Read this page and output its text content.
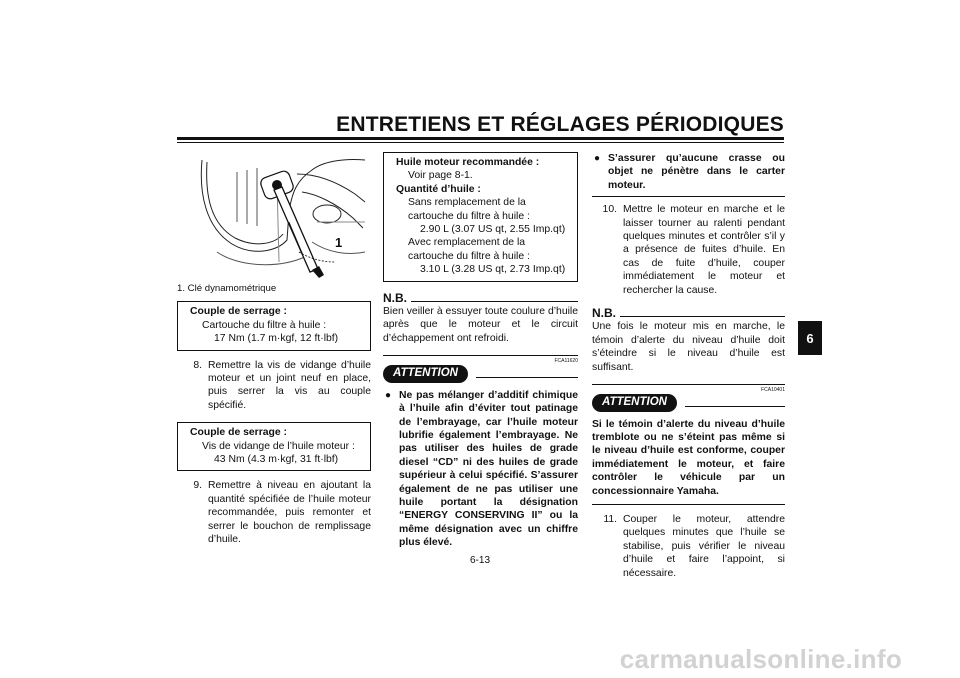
ENTRETIENS ET RÉGLAGES PÉRIODIQUES
6
1
1. Clé dynamométrique
Couple de serrage :
Cartouche du filtre à huile :
17 Nm (1.7 m·kgf, 12 ft·lbf)
8. Remettre la vis de vidange d’huile moteur et un joint neuf en place, puis serrer la vis au couple spécifié.
Couple de serrage :
Vis de vidange de l’huile moteur :
43 Nm (4.3 m·kgf, 31 ft·lbf)
9. Remettre à niveau en ajoutant la quantité spécifiée de l’huile moteur recommandée, puis remonter et serrer le bouchon de remplissage d’huile.
Huile moteur recommandée :
Voir page 8-1.
Quantité d’huile :
Sans remplacement de la cartouche du filtre à huile :
2.90 L (3.07 US qt, 2.55 Imp.qt)
Avec remplacement de la cartouche du filtre à huile :
3.10 L (3.28 US qt, 2.73 Imp.qt)
N.B.
Bien veiller à essuyer toute coulure d’huile après que le moteur et le circuit d’échappement ont refroidi.
FCA11620
ATTENTION
● Ne pas mélanger d’additif chimique à l’huile afin d’éviter tout patinage de l’embrayage, car l’huile moteur lubrifie également l’embrayage. Ne pas utiliser des huiles de grade diesel “CD” ni des huiles de grade supérieur à celui spécifié. S’assurer également de ne pas utiliser une huile portant la désignation “ENERGY CONSERVING II” ou la même désignation avec un chiffre plus élevé.
● S’assurer qu’aucune crasse ou objet ne pénètre dans le carter moteur.
10. Mettre le moteur en marche et le laisser tourner au ralenti pendant quelques minutes et contrôler s’il y a présence de fuites d’huile. En cas de fuite d’huile, couper immédiatement le moteur et rechercher la cause.
N.B.
Une fois le moteur mis en marche, le témoin d’alerte du niveau d’huile doit s’éteindre si le niveau d’huile est suffisant.
FCA10401
ATTENTION
Si le témoin d’alerte du niveau d’huile tremblote ou ne s’éteint pas même si le niveau d’huile est conforme, couper immédiatement le moteur, et faire contrôler le véhicule par un concessionnaire Yamaha.
11. Couper le moteur, attendre quelques minutes que l’huile se stabilise, puis vérifier le niveau d’huile et faire l’appoint, si nécessaire.
6-13
carmanualsonline.info
